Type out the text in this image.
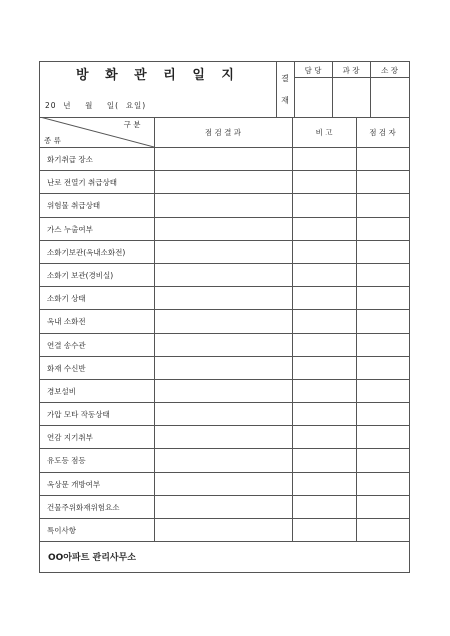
방 화 관 리 일 지
20  년    월    일(  요일)
결
재
담 당	과 장	소 장
구 분
종 류
점 검 결 과	비 고	점 검 자
화기취급 장소
난로 전열기 취급상태
위험물 취급상태
가스 누출여부
소화기보관(옥내소화전)
소화기 보관(경비실)
소화기 상태
옥내 소화전
연결 송수관
화재 수신반
경보설비
가압 모타 작동상태
연감 지기취부
유도등 점등
옥상문 개방여부
건물주위화재위험요소
특이사항
OO아파트 관리사무소
